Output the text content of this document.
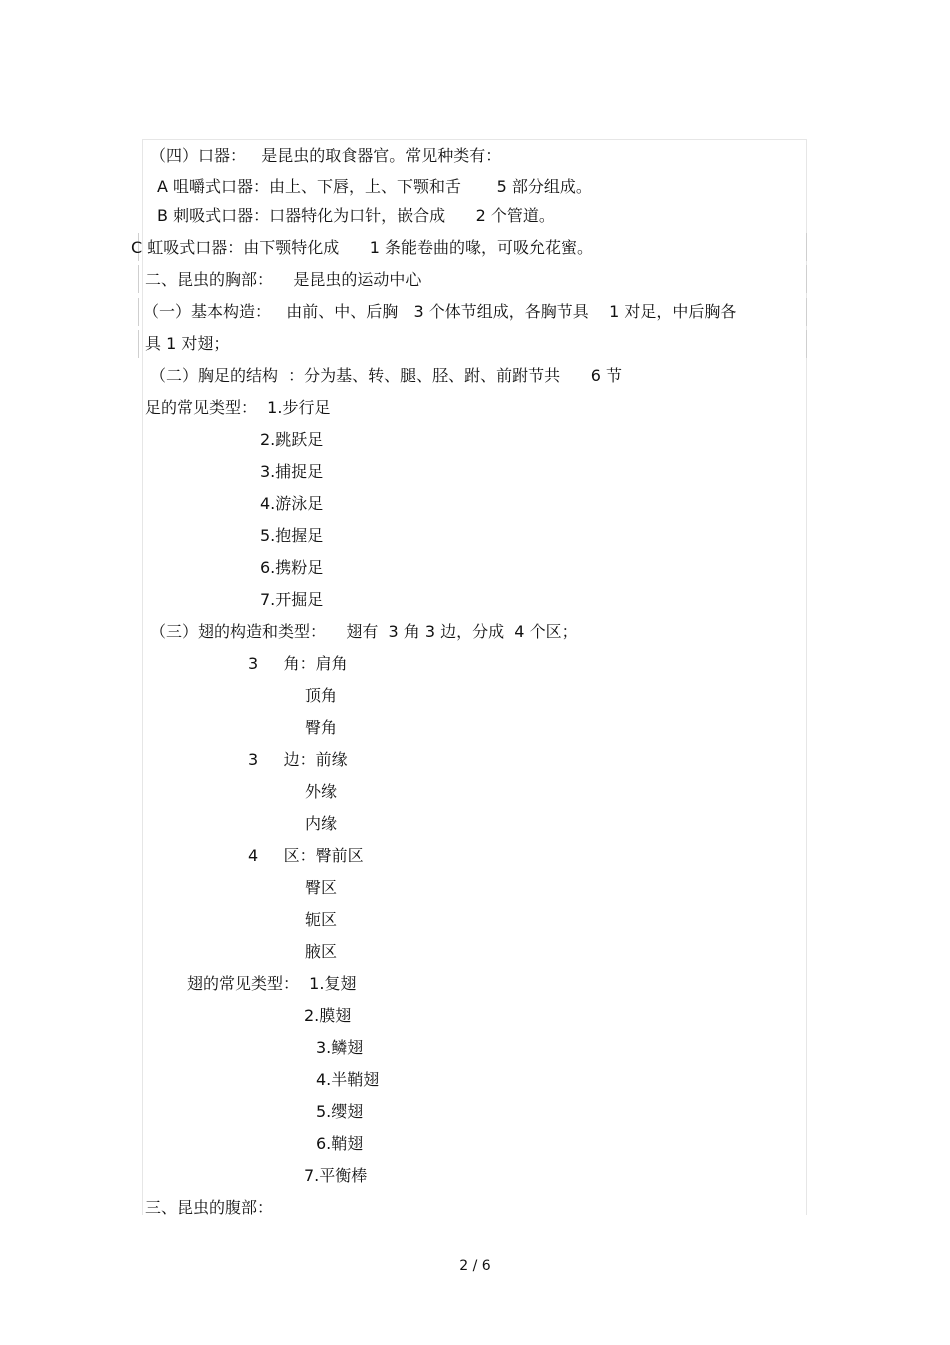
（四）口器：   是昆虫的取食器官。常见种类有：
A 咀嚼式口器：由上、下唇，上、下颚和舌       5 部分组成。
B 刺吸式口器：口器特化为口针，嵌合成      2 个管道。
C 虹吸式口器：由下颚特化成      1 条能卷曲的喙，可吸允花蜜。
二、昆虫的胸部：    是昆虫的运动中心
（一）基本构造：   由前、中、后胸   3 个体节组成，各胸节具    1 对足，中后胸各
具 1 对翅；
（二）胸足的结构  ：分为基、转、腿、胫、跗、前跗节共      6 节
足的常见类型：  1.步行足
2.跳跃足
3.捕捉足
4.游泳足
5.抱握足
6.携粉足
7.开掘足
（三）翅的构造和类型：    翅有  3 角 3 边，分成  4 个区；
3     角：肩角
顶角
臀角
3     边：前缘
外缘
内缘
4     区：臀前区
臀区
轭区
腋区
翅的常见类型：  1.复翅
2.膜翅
3.鳞翅
4.半鞘翅
5.缨翅
6.鞘翅
7.平衡棒
三、昆虫的腹部：
2 / 6
